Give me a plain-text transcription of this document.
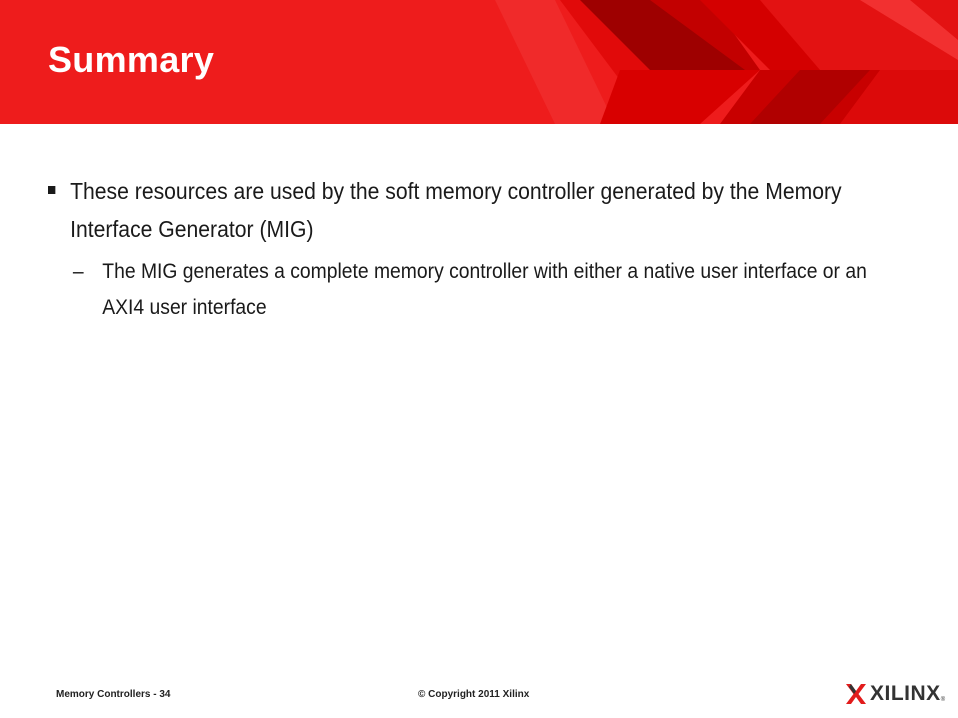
Summary
These resources are used by the soft memory controller generated by the Memory Interface Generator (MIG)
– The MIG generates a complete memory controller with either a native user interface or an AXI4 user interface
Memory Controllers - 34	© Copyright 2011 Xilinx	XILINX ®
